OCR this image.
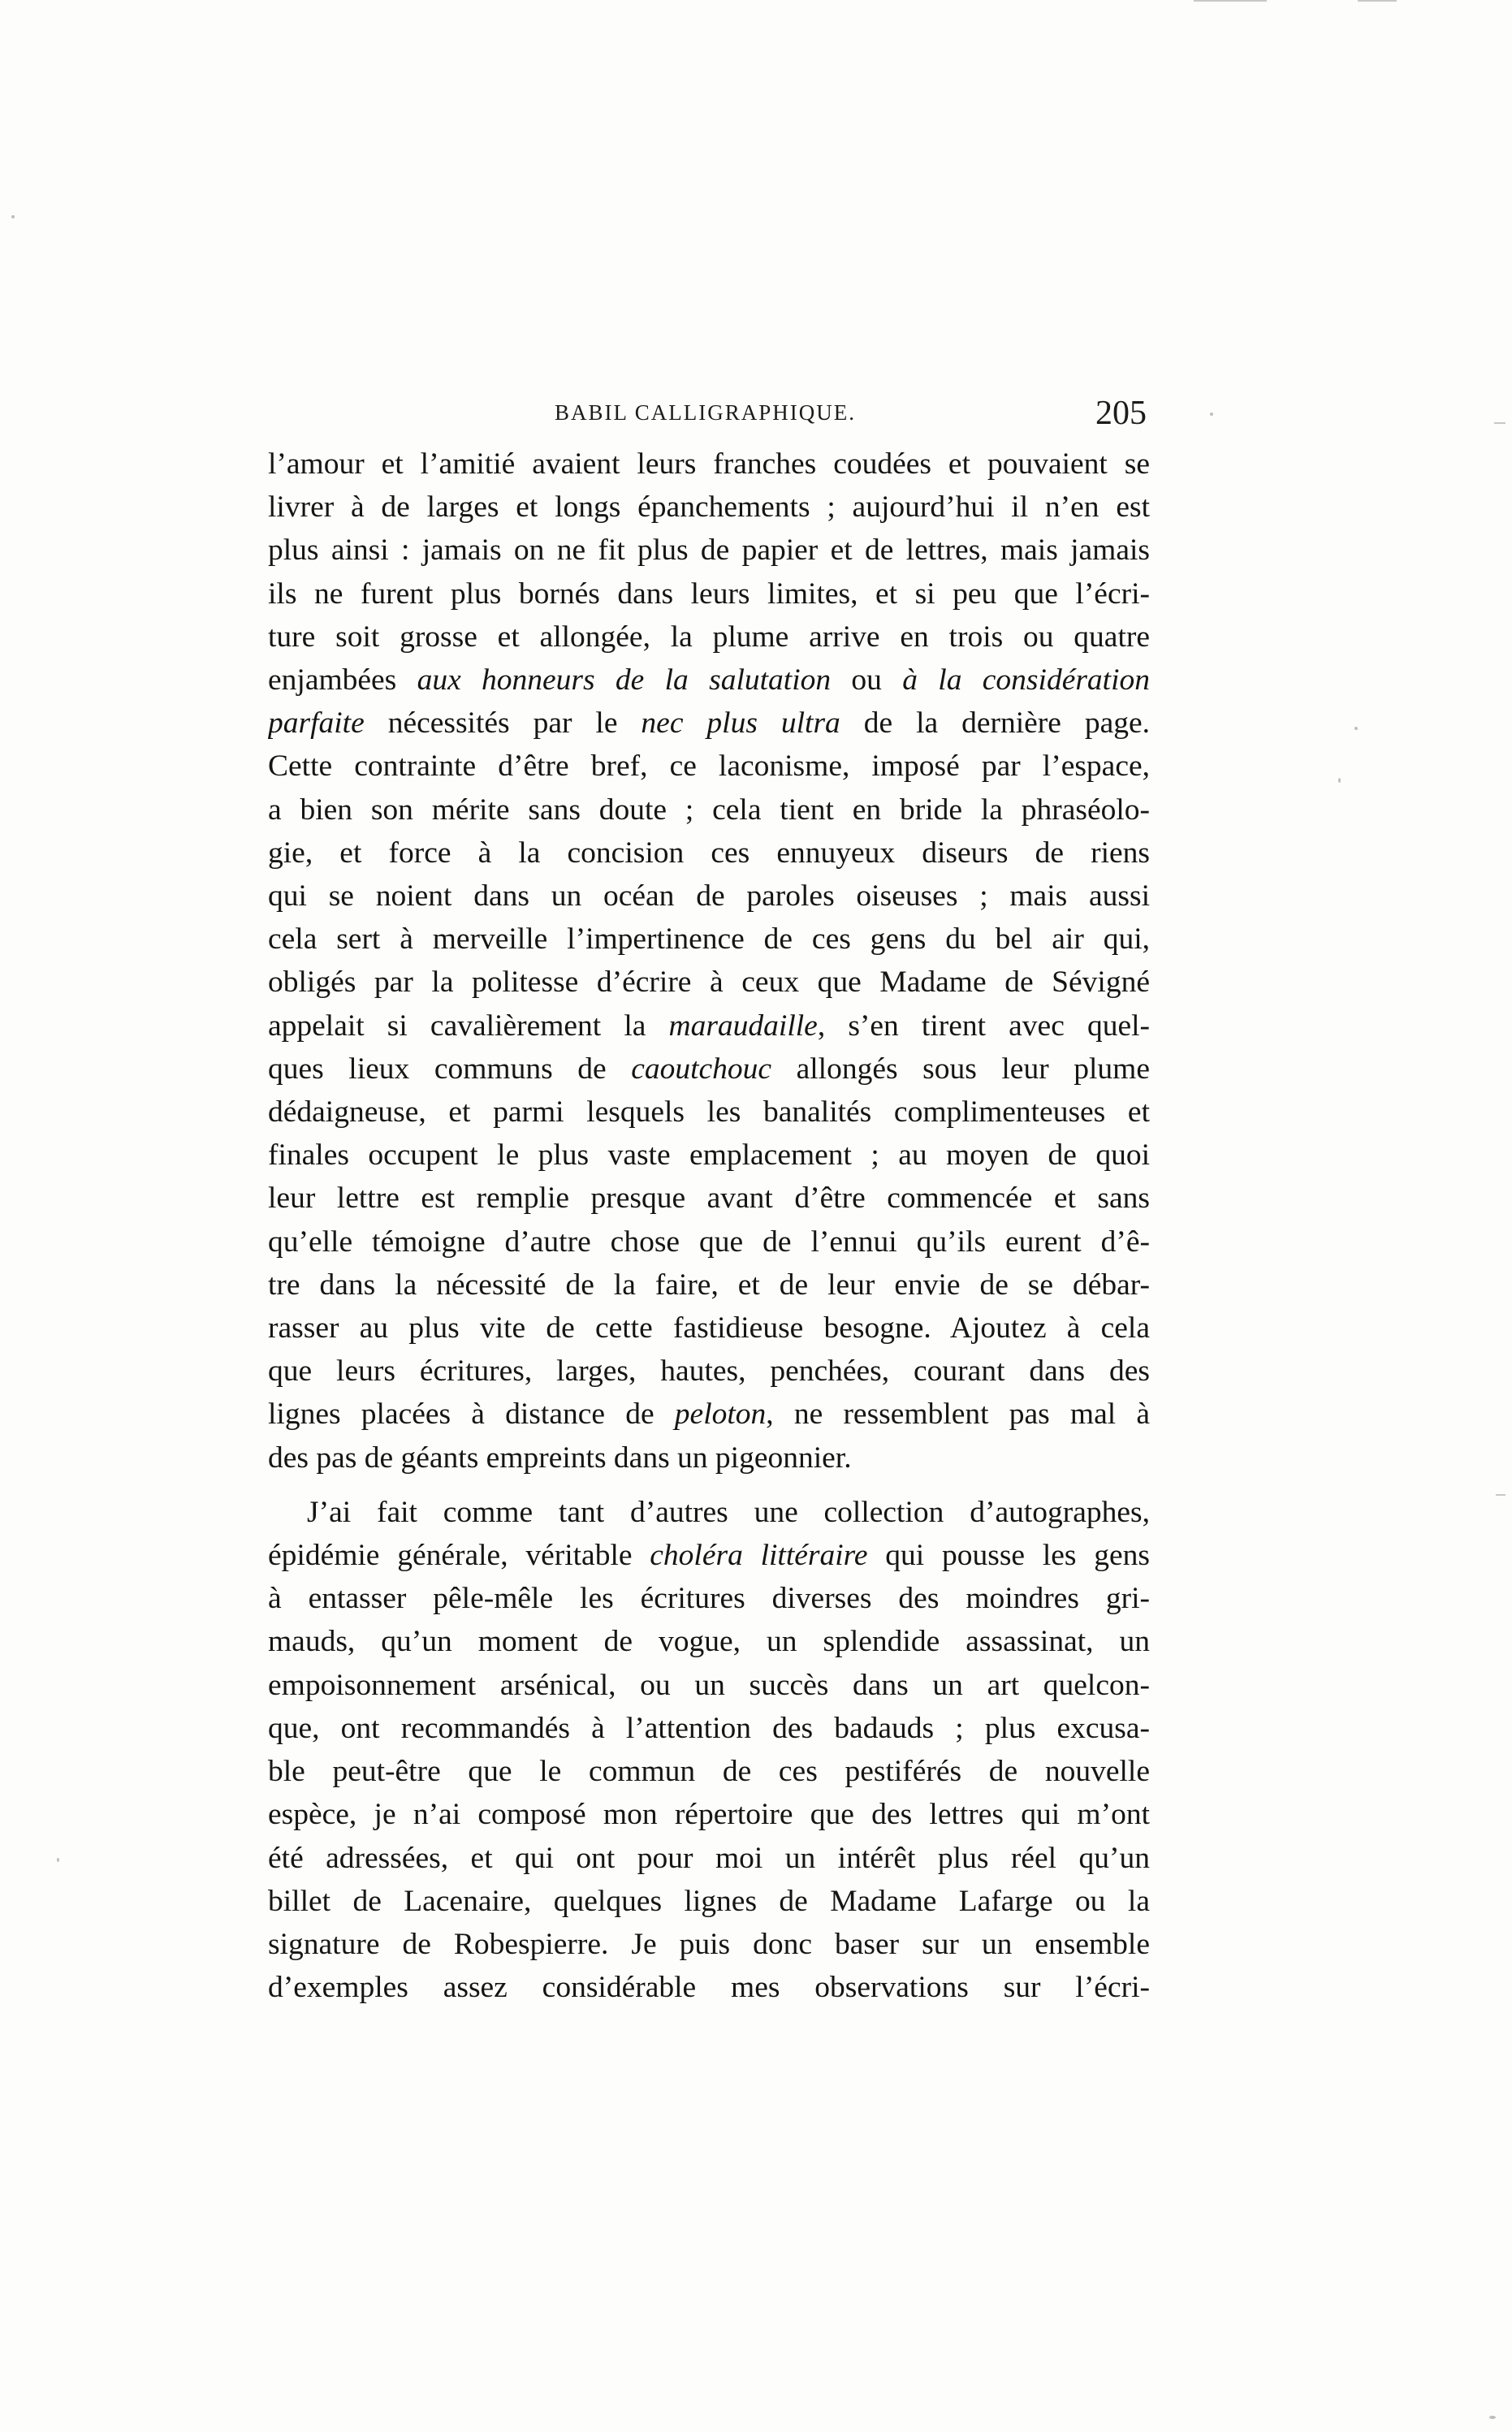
BABIL CALLIGRAPHIQUE.	205

l’amour et l’amitié avaient leurs franches coudées et pouvaient se
livrer à de larges et longs épanchements ; aujourd’hui il n’en est
plus ainsi : jamais on ne fit plus de papier et de lettres, mais jamais
ils ne furent plus bornés dans leurs limites, et si peu que l’écri-
ture soit grosse et allongée, la plume arrive en trois ou quatre
enjambées aux honneurs de la salutation ou à la considération
parfaite nécessités par le nec plus ultra de la dernière page.
Cette contrainte d’être bref, ce laconisme, imposé par l’espace,
a bien son mérite sans doute ; cela tient en bride la phraséolo-
gie, et force à la concision ces ennuyeux diseurs de riens
qui se noient dans un océan de paroles oiseuses ; mais aussi
cela sert à merveille l’impertinence de ces gens du bel air qui,
obligés par la politesse d’écrire à ceux que Madame de Sévigné
appelait si cavalièrement la maraudaille, s’en tirent avec quel-
ques lieux communs de caoutchouc allongés sous leur plume
dédaigneuse, et parmi lesquels les banalités complimenteuses et
finales occupent le plus vaste emplacement ; au moyen de quoi
leur lettre est remplie presque avant d’être commencée et sans
qu’elle témoigne d’autre chose que de l’ennui qu’ils eurent d’ê-
tre dans la nécessité de la faire, et de leur envie de se débar-
rasser au plus vite de cette fastidieuse besogne. Ajoutez à cela
que leurs écritures, larges, hautes, penchées, courant dans des
lignes placées à distance de peloton, ne ressemblent pas mal à
des pas de géants empreints dans un pigeonnier.

J’ai fait comme tant d’autres une collection d’autographes,
épidémie générale, véritable choléra littéraire qui pousse les gens
à entasser pêle-mêle les écritures diverses des moindres gri-
mauds, qu’un moment de vogue, un splendide assassinat, un
empoisonnement arsénical, ou un succès dans un art quelcon-
que, ont recommandés à l’attention des badauds ; plus excusa-
ble peut-être que le commun de ces pestiférés de nouvelle
espèce, je n’ai composé mon répertoire que des lettres qui m’ont
été adressées, et qui ont pour moi un intérêt plus réel qu’un
billet de Lacenaire, quelques lignes de Madame Lafarge ou la
signature de Robespierre. Je puis donc baser sur un ensemble
d’exemples assez considérable mes observations sur l’écri-
